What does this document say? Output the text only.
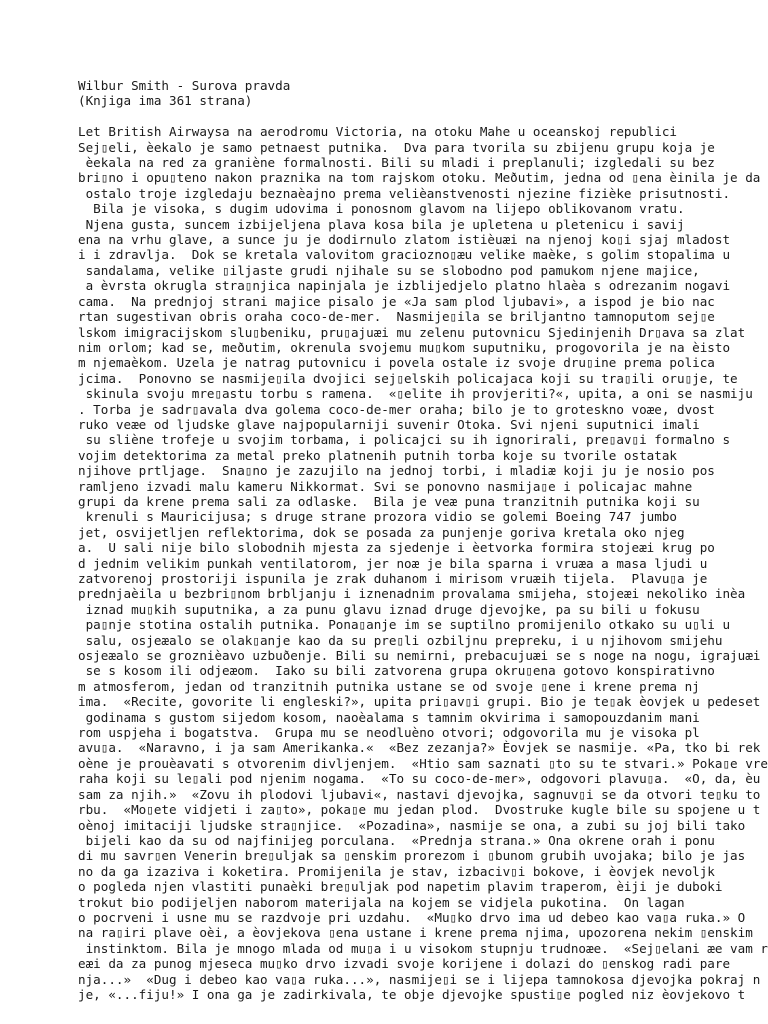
Wilbur Smith - Surova pravda
(Knjiga ima 361 strana)
Let British Airwaysa na aerodromu Victoria, na otoku Mahe u oceanskoj republici
Sej▯eli, èekalo je samo petnaest putnika.  Dva para tvorila su zbijenu grupu koja je
èekala na red za graniène formalnosti. Bili su mladi i preplanuli; izgledali su bez
bri▯no i opu▯teno nakon praznika na tom rajskom otoku. Meðutim, jedna od ▯ena èinila je da
ostalo troje izgledaju beznaèajno prema velièanstvenosti njezine fizièke prisutnosti.
Bila je visoka, s dugim udovima i ponosnom glavom na lijepo oblikovanom vratu.
Njena gusta, suncem izbijeljena plava kosa bila je upletena u pletenicu i savij
ena na vrhu glave, a sunce ju je dodirnulo zlatom istièuæi na njenoj ko▯i sjaj mladost
i i zdravlja.  Dok se kretala valovitom graciozno▯æu velike maèke, s golim stopalima u
sandalama, velike ▯iljaste grudi njihale su se slobodno pod pamukom njene majice,
a èvrsta okrugla stra▯njica napinjala je izblijedjelo platno hlaèa s odrezanim nogavi
cama.  Na prednjoj strani majice pisalo je «Ja sam plod ljubavi», a ispod je bio nac
rtan sugestivan obris oraha coco-de-mer.  Nasmije▯ila se briljantno tamnoputom sej▯e
lskom imigracijskom slu▯beniku, pru▯ajuæi mu zelenu putovnicu Sjedinjenih Dr▯ava sa zlat
nim orlom; kad se, meðutim, okrenula svojemu mu▯kom suputniku, progovorila je na èisto
m njemaèkom. Uzela je natrag putovnicu i povela ostale iz svoje dru▯ine prema polica
jcima.  Ponovno se nasmije▯ila dvojici sej▯elskih policajaca koji su tra▯ili oru▯je, te
skinula svoju mre▯astu torbu s ramena.  «▯elite ih provjeriti?«, upita, a oni se nasmiju
. Torba je sadr▯avala dva golema coco-de-mer oraha; bilo je to groteskno voæe, dvost
ruko veæe od ljudske glave najpopularniji suvenir Otoka. Svi njeni suputnici imali
su sliène trofeje u svojim torbama, i policajci su ih ignorirali, pre▯av▯i formalno s
vojim detektorima za metal preko platnenih putnih torba koje su tvorile ostatak
njihove prtljage.  Sna▯no je zazujilo na jednoj torbi, i mladiæ koji ju je nosio pos
ramljeno izvadi malu kameru Nikkormat. Svi se ponovno nasmija▯e i policajac mahne
grupi da krene prema sali za odlaske.  Bila je veæ puna tranzitnih putnika koji su
krenuli s Mauricijusa; s druge strane prozora vidio se golemi Boeing 747 jumbo
jet, osvijetljen reflektorima, dok se posada za punjenje goriva kretala oko njeg
a.  U sali nije bilo slobodnih mjesta za sjedenje i èetvorka formira stojeæi krug po
d jednim velikim punkah ventilatorom, jer noæ je bila sparna i vruæa a masa ljudi u
zatvorenoj prostoriji ispunila je zrak duhanom i mirisom vruæih tijela.  Plavu▯a je
prednjaèila u bezbri▯nom brbljanju i iznenadnim provalama smijeha, stojeæi nekoliko inèa
iznad mu▯kih suputnika, a za punu glavu iznad druge djevojke, pa su bili u fokusu
pa▯nje stotina ostalih putnika. Pona▯anje im se suptilno promijenilo otkako su u▯li u
salu, osjeæalo se olak▯anje kao da su pre▯li ozbiljnu prepreku, i u njihovom smijehu
osjeæalo se groznièavo uzbuðenje. Bili su nemirni, prebacujuæi se s noge na nogu, igrajuæi
se s kosom ili odjeæom.  Iako su bili zatvorena grupa okru▯ena gotovo konspirativno
m atmosferom, jedan od tranzitnih putnika ustane se od svoje ▯ene i krene prema nj
ima.  «Recite, govorite li engleski?», upita pri▯av▯i grupi. Bio je te▯ak èovjek u pedeset
godinama s gustom sijedom kosom, naoèalama s tamnim okvirima i samopouzdanim mani
rom uspjeha i bogatstva.  Grupa mu se neodluèno otvori; odgovorila mu je visoka pl
avu▯a.  «Naravno, i ja sam Amerikanka.«  «Bez zezanja?» Èovjek se nasmije. «Pa, tko bi rek
oène je prouèavati s otvorenim divljenjem.  «Htio sam saznati ▯to su te stvari.» Poka▯e vre
raha koji su le▯ali pod njenim nogama.  «To su coco-de-mer», odgovori plavu▯a.  «O, da, èu
sam za njih.»  «Zovu ih plodovi ljubavi«, nastavi djevojka, sagnuv▯i se da otvori te▯ku to
rbu.  «Mo▯ete vidjeti i za▯to», poka▯e mu jedan plod.  Dvostruke kugle bile su spojene u t
oènoj imitaciji ljudske stra▯njice.  «Pozadina», nasmije se ona, a zubi su joj bili tako
bijeli kao da su od najfinijeg porculana.  «Prednja strana.» Ona okrene orah i ponu
di mu savr▯en Venerin bre▯uljak sa ▯enskim prorezom i ▯bunom grubih uvojaka; bilo je jas
no da ga izaziva i koketira. Promijenila je stav, izbaciv▯i bokove, i èovjek nevoljk
o pogleda njen vlastiti punaèki bre▯uljak pod napetim plavim traperom, èiji je duboki
trokut bio podijeljen naborom materijala na kojem se vidjela pukotina.  On lagan
o pocrveni i usne mu se razdvoje pri uzdahu.  «Mu▯ko drvo ima ud debeo kao va▯a ruka.» O
na ra▯iri plave oèi, a èovjekova ▯ena ustane i krene prema njima, upozorena nekim ▯enskim
instinktom. Bila je mnogo mlada od mu▯a i u visokom stupnju trudnoæe.  «Sej▯elani æe vam r
eæi da za punog mjeseca mu▯ko drvo izvadi svoje korijene i dolazi do ▯enskog radi pare
nja...»  «Dug i debeo kao va▯a ruka...», nasmije▯i se i lijepa tamnokosa djevojka pokraj n
je, «...fiju!» I ona ga je zadirkivala, te obje djevojke spusti▯e pogled niz èovjekovo t
